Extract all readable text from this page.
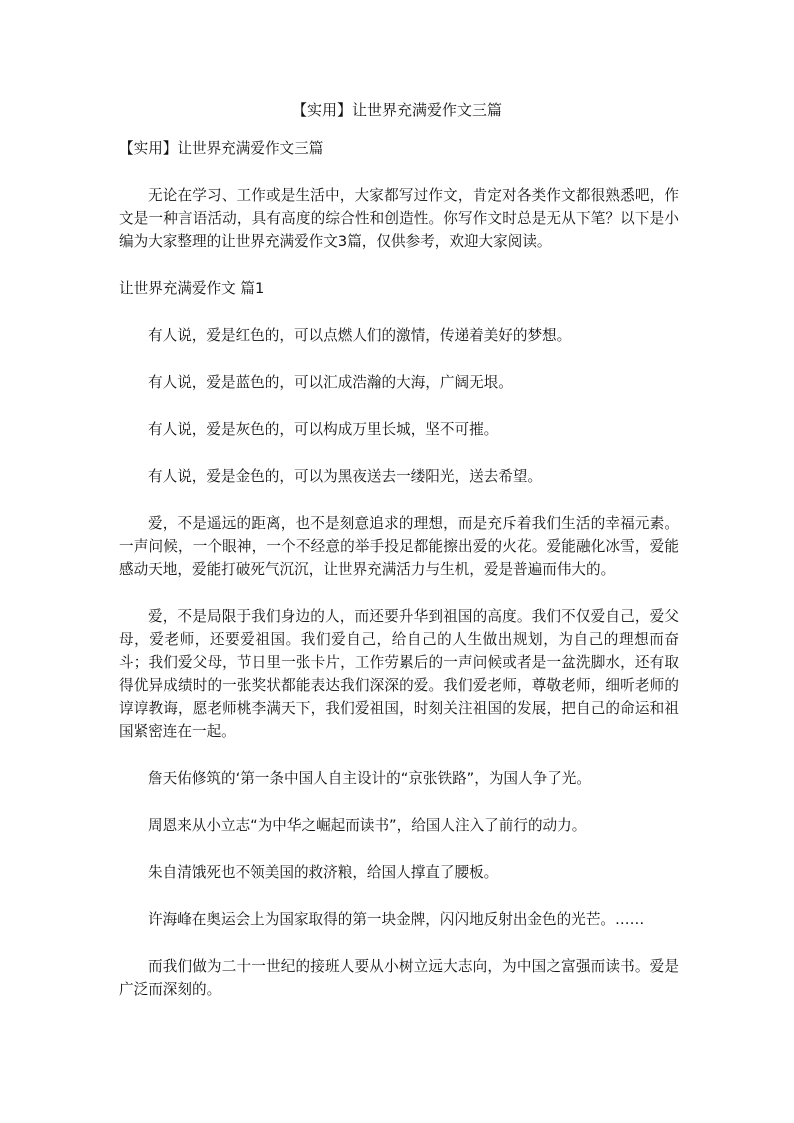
【实用】让世界充满爱作文三篇
【实用】让世界充满爱作文三篇

无论在学习、工作或是生活中，大家都写过作文，肯定对各类作文都很熟悉吧，作文是一种言语活动，具有高度的综合性和创造性。你写作文时总是无从下笔？以下是小编为大家整理的让世界充满爱作文3篇，仅供参考，欢迎大家阅读。

让世界充满爱作文 篇1

有人说，爱是红色的，可以点燃人们的激情，传递着美好的梦想。

有人说，爱是蓝色的，可以汇成浩瀚的大海，广阔无垠。

有人说，爱是灰色的，可以构成万里长城，坚不可摧。

有人说，爱是金色的，可以为黑夜送去一缕阳光，送去希望。

爱，不是遥远的距离，也不是刻意追求的理想，而是充斥着我们生活的幸福元素。一声问候，一个眼神，一个不经意的举手投足都能擦出爱的火花。爱能融化冰雪，爱能感动天地，爱能打破死气沉沉，让世界充满活力与生机，爱是普遍而伟大的。

爱，不是局限于我们身边的人，而还要升华到祖国的高度。我们不仅爱自己，爱父母，爱老师，还要爱祖国。我们爱自己，给自己的人生做出规划，为自己的理想而奋斗；我们爱父母，节日里一张卡片，工作劳累后的一声问候或者是一盆洗脚水，还有取得优异成绩时的一张奖状都能表达我们深深的爱。我们爱老师，尊敬老师，细听老师的谆谆教诲，愿老师桃李满天下，我们爱祖国，时刻关注祖国的发展，把自己的命运和祖国紧密连在一起。

詹天佑修筑的‘第一条中国人自主设计的“京张铁路”，为国人争了光。

周恩来从小立志“为中华之崛起而读书”，给国人注入了前行的动力。

朱自清饿死也不领美国的救济粮，给国人撑直了腰板。

许海峰在奥运会上为国家取得的第一块金牌，闪闪地反射出金色的光芒。……

而我们做为二十一世纪的接班人要从小树立远大志向，为中国之富强而读书。爱是广泛而深刻的。
